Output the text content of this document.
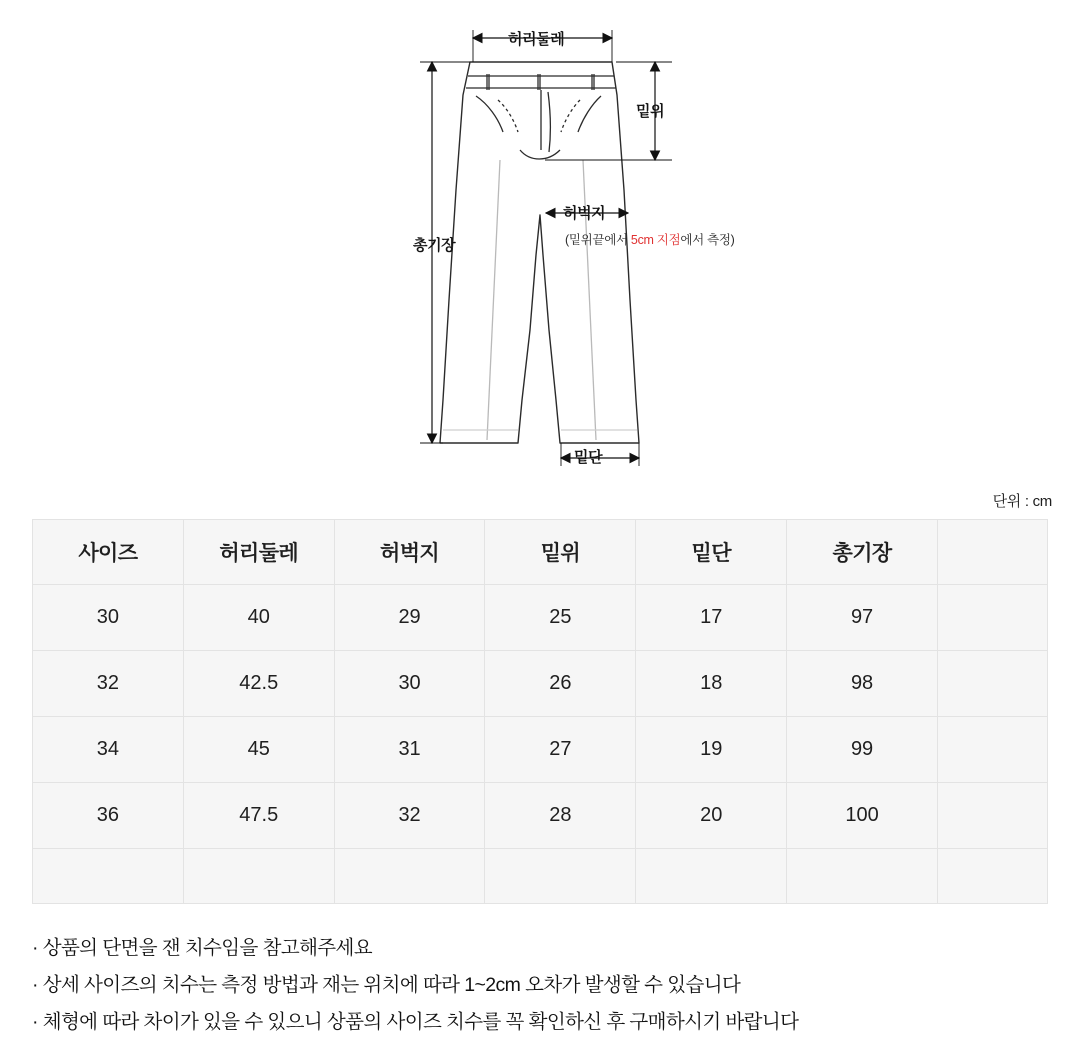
허리둘레
밑위
허벅지
(밑위끝에서 5cm 지점에서 측정)
총기장
밑단
단위 : cm
사이즈	허리둘레	허벅지	밑위	밑단	총기장	
30	40	29	25	17	97	
32	42.5	30	26	18	98	
34	45	31	27	19	99	
36	47.5	32	28	20	100	

· 상품의 단면을 잰 치수임을 참고해주세요
· 상세 사이즈의 치수는 측정 방법과 재는 위치에 따라 1~2cm 오차가 발생할 수 있습니다
· 체형에 따라 차이가 있을 수 있으니 상품의 사이즈 치수를 꼭 확인하신 후 구매하시기 바랍니다
